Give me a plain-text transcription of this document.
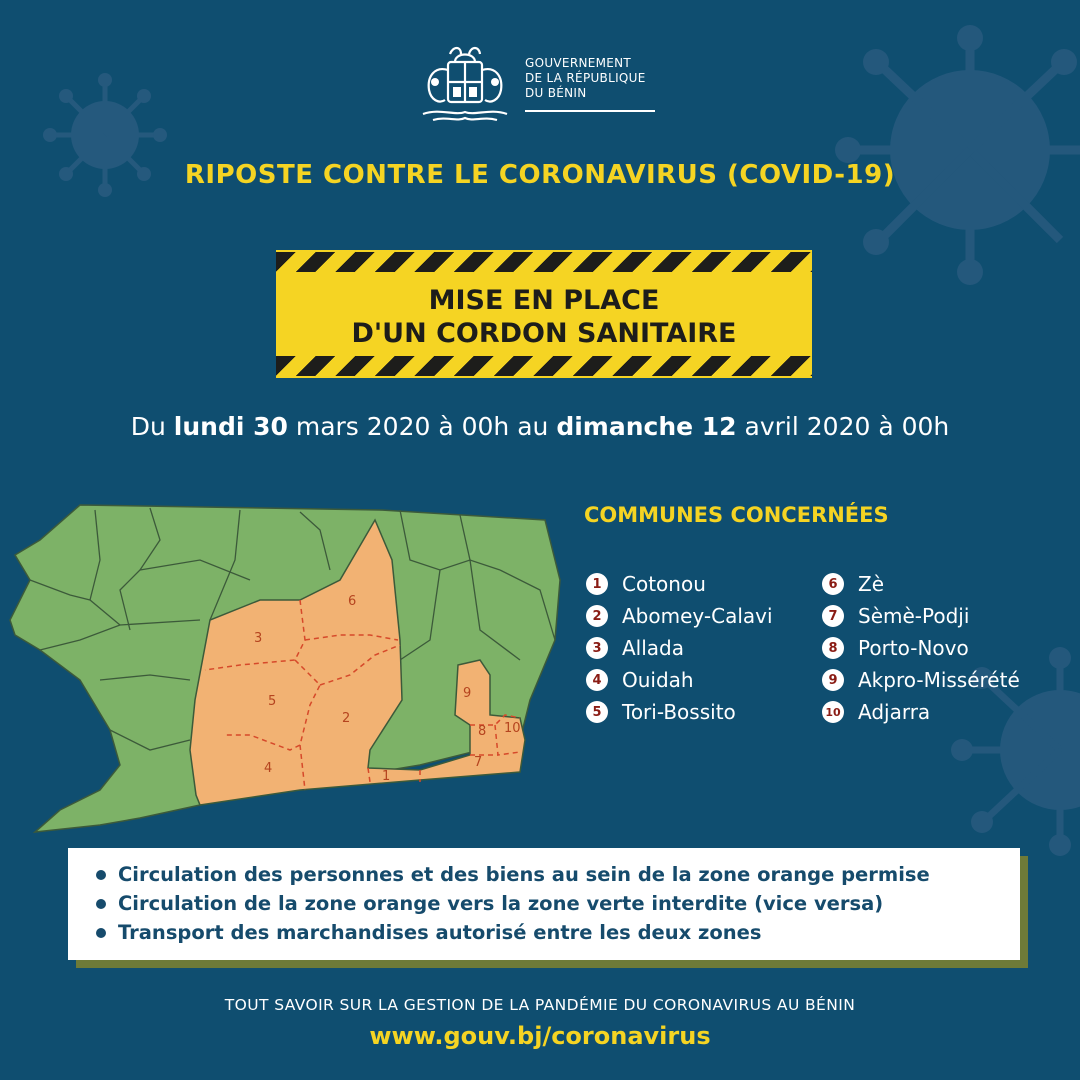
GOUVERNEMENT
DE LA RÉPUBLIQUE
DU BÉNIN
RIPOSTE CONTRE LE CORONAVIRUS (COVID-19)
MISE EN PLACE
D'UN CORDON SANITAIRE
Du lundi 30 mars 2020 à 00h au dimanche 12 avril 2020 à 00h
1
2
3
4
5
6
7
8
9
10
COMMUNES CONCERNÉES
1	Cotonou
2	Abomey-Calavi
3	Allada
4	Ouidah
5	Tori-Bossito
6	Zè
7	Sèmè-Podji
8	Porto-Novo
9	Akpro-Missérété
10 Adjarra
Circulation des personnes et des biens au sein de la zone orange permise
Circulation de la zone orange vers la zone verte interdite (vice versa)
Transport des marchandises autorisé entre les deux zones
TOUT SAVOIR SUR LA GESTION DE LA PANDÉMIE DU CORONAVIRUS AU BÉNIN
www.gouv.bj/coronavirus
